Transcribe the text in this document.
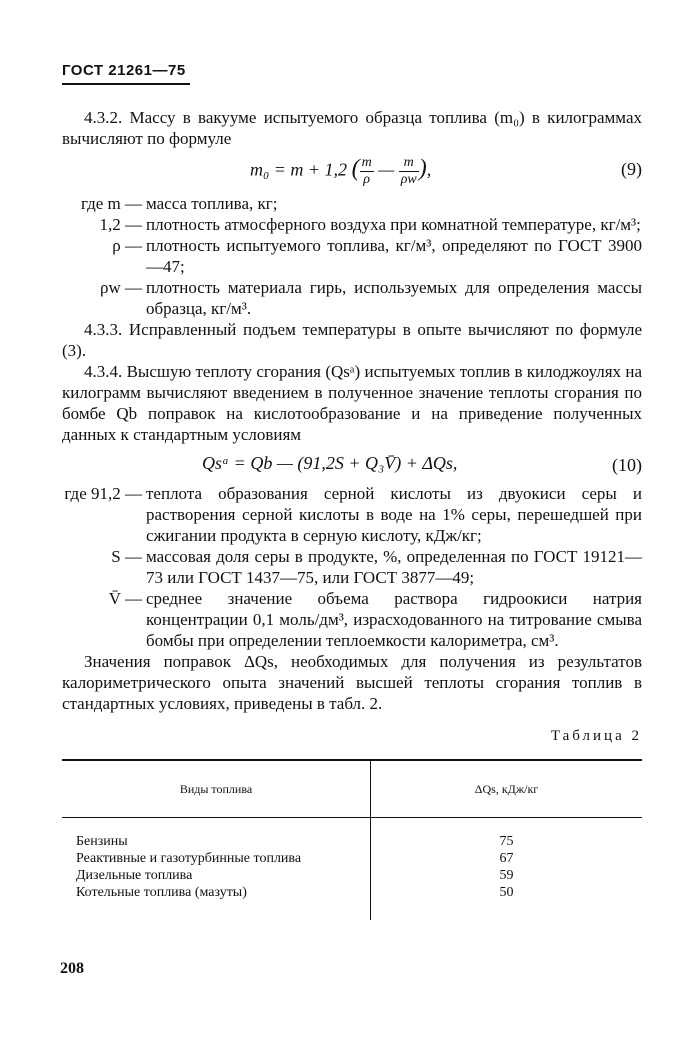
ГОСТ 21261—75

4.3.2. Массу в вакууме испытуемого образца топлива (m₀) в килограммах вычисляют по формуле

m₀ = m + 1,2 ( $\frac{m}{\rho}$ — $\frac{m}{\rho w}$ ),	(9)
где m — масса топлива, кг;
1,2 — плотность атмосферного воздуха при комнатной температуре, кг/м³;
ρ — плотность испытуемого топлива, кг/м³, определяют по ГОСТ 3900—47;
ρw — плотность материала гирь, используемых для определения массы образца, кг/м³.

4.3.3. Исправленный подъем температуры в опыте вычисляют по формуле (3).

4.3.4. Высшую теплоту сгорания (Qsᵃ) испытуемых топлив в килоджоулях на килограмм вычисляют введением в полученное значение теплоты сгорания по бомбе Qb поправок на кислотообразование и на приведение полученных данных к стандартным условиям

Qsᵃ = Qb — (91,2S + Q₃V̄) + ΔQs,	(10)
где 91,2 — теплота образования серной кислоты из двуокиси серы и растворения серной кислоты в воде на 1% серы, перешедшей при сжигании продукта в серную кислоту, кДж/кг;
S — массовая доля серы в продукте, %, определенная по ГОСТ 19121—73 или ГОСТ 1437—75, или ГОСТ 3877—49;
V̄ — среднее значение объема раствора гидроокиси натрия концентрации 0,1 моль/дм³, израсходованного на титрование смыва бомбы при определении теплоемкости калориметра, см³.

Значения поправок ΔQs, необходимых для получения из результатов калориметрического опыта значений высшей теплоты сгорания топлив в стандартных условиях, приведены в табл. 2.

Таблица 2
Виды топлива	ΔQs, кДж/кг
Бензины	75
Реактивные и газотурбинные топлива	67
Дизельные топлива	59
Котельные топлива (мазуты)	50
208
